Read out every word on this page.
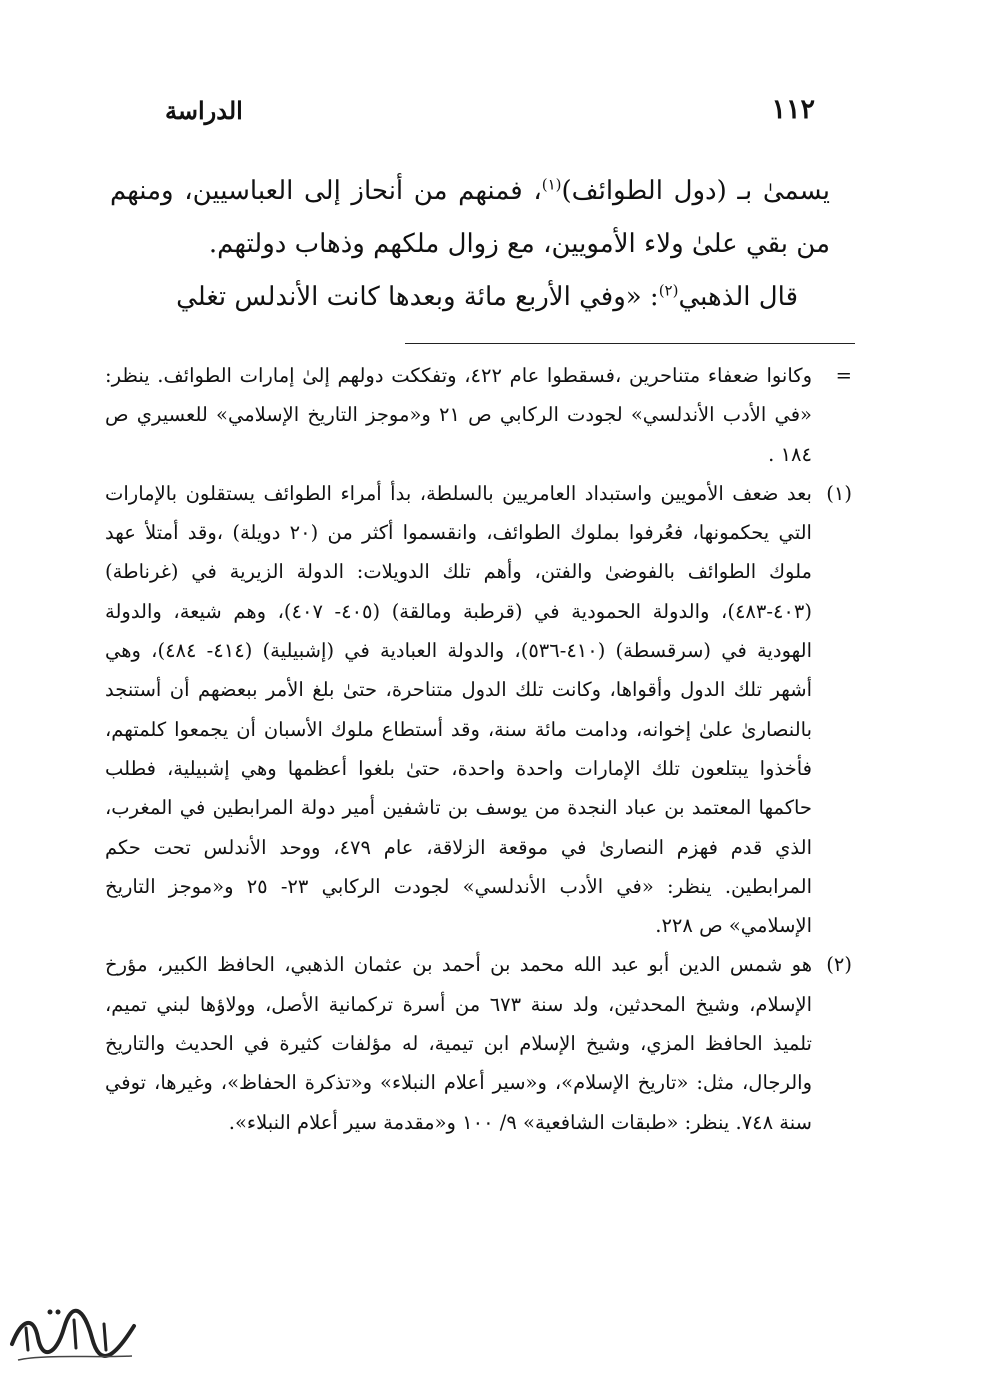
١١٢
الدراسة

يسمىٰ بـ (دول الطوائف)$^{(١)}$، فمنهم من أنحاز إلى العباسيين، ومنهم من بقي علىٰ ولاء الأمويين، مع زوال ملكهم وذهاب دولتهم.

قال الذهبي$^{(٢)}$: «وفي الأربع مائة وبعدها كانت الأندلس تغلي

=
وكانوا ضعفاء متناحرين ،فسقطوا عام ٤٢٢، وتفككت دولهم إلىٰ إمارات الطوائف. ينظر: «في الأدب الأندلسي» لجودت الركابي ص ٢١ و«موجز التاريخ الإسلامي» للعسيري ص ١٨٤ .
(١)
بعد ضعف الأمويين واستبداد العامريين بالسلطة، بدأ أمراء الطوائف يستقلون بالإمارات التي يحكمونها، فعُرفوا بملوك الطوائف، وانقسموا أكثر من (٢٠ دويلة) ،وقد أمتلأ عهد ملوك الطوائف بالفوضىٰ والفتن، وأهم تلك الدويلات: الدولة الزيرية في (غرناطة) (٤٠٣-٤٨٣)، والدولة الحمودية في (قرطبة ومالقة) (٤٠٥- ٤٠٧)، وهم شيعة، والدولة الهودية في (سرقسطة) (٤١٠-٥٣٦)، والدولة العبادية في (إشبيلية) (٤١٤- ٤٨٤)، وهي أشهر تلك الدول وأقواها، وكانت تلك الدول متناحرة، حتىٰ بلغ الأمر ببعضهم أن أستنجد بالنصارىٰ علىٰ إخوانه، ودامت مائة سنة، وقد أستطاع ملوك الأسبان أن يجمعوا كلمتهم، فأخذوا يبتلعون تلك الإمارات واحدة واحدة، حتىٰ بلغوا أعظمها وهي إشبيلية، فطلب حاكمها المعتمد بن عباد النجدة من يوسف بن تاشفين أمير دولة المرابطين في المغرب، الذي قدم فهزم النصارىٰ في موقعة الزلاقة، عام ٤٧٩، ووحد الأندلس تحت حكم المرابطين. ينظر: «في الأدب الأندلسي» لجودت الركابي ٢٣- ٢٥ و«موجز التاريخ الإسلامي» ص ٢٢٨.
(٢)
هو شمس الدين أبو عبد الله محمد بن أحمد بن عثمان الذهبي، الحافظ الكبير، مؤرخ الإسلام، وشيخ المحدثين، ولد سنة ٦٧٣ من أسرة تركمانية الأصل، وولاؤها لبني تميم، تلميذ الحافظ المزي، وشيخ الإسلام ابن تيمية، له مؤلفات كثيرة في الحديث والتاريخ والرجال، مثل: «تاريخ الإسلام»، و«سير أعلام النبلاء» و«تذكرة الحفاظ»، وغيرها، توفي سنة ٧٤٨. ينظر: «طبقات الشافعية» ٩/ ١٠٠ و«مقدمة سير أعلام النبلاء».
